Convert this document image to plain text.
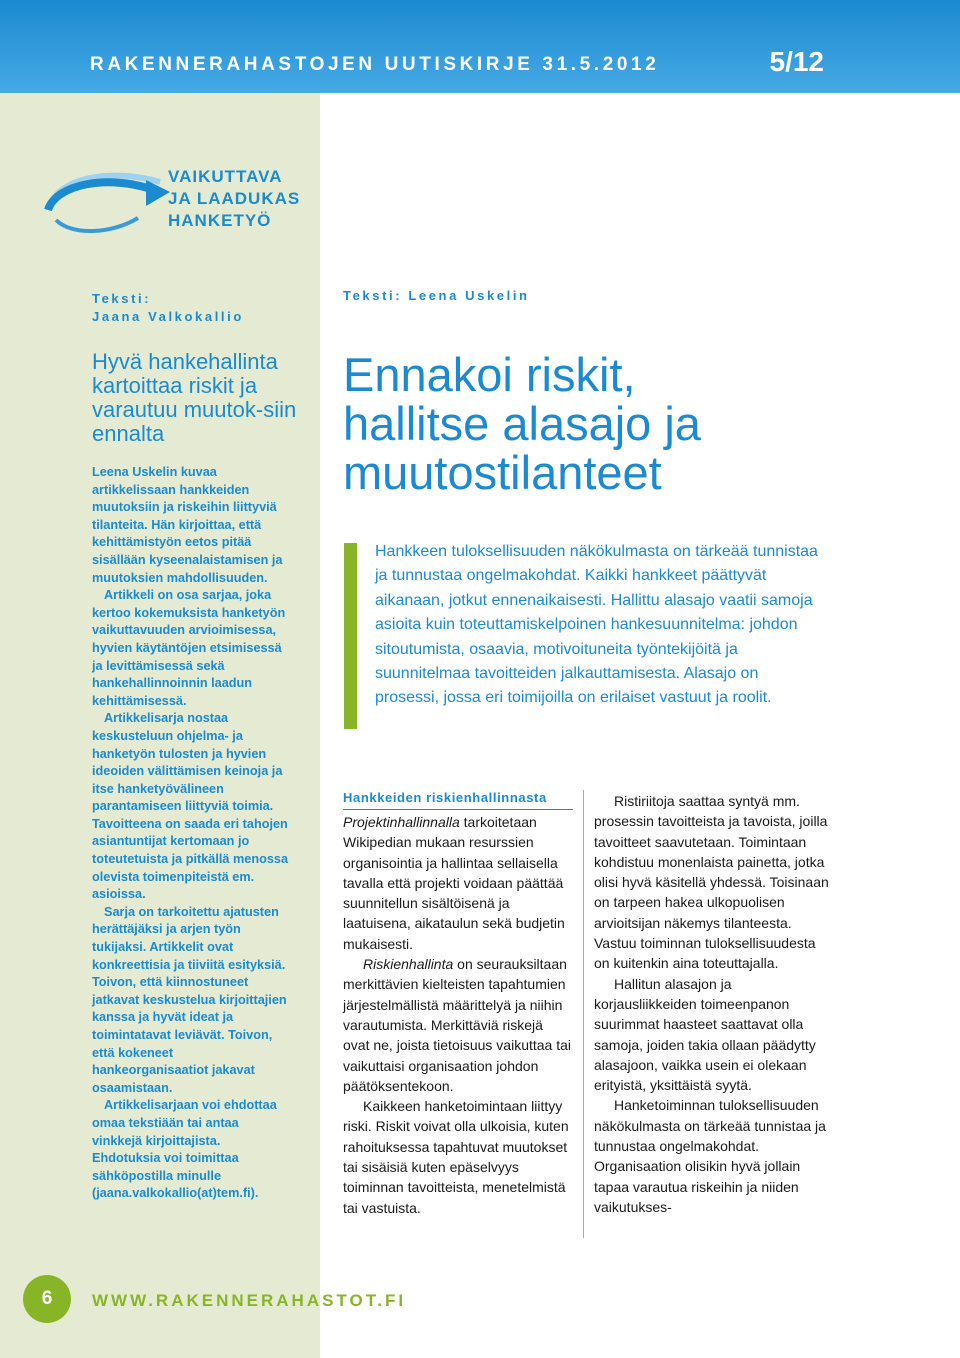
RAKENNERAHASTOJEN UUTISKIRJE 31.5.2012	5/12
VAIKUTTAVA
JA LAADUKAS
HANKETYÖ
Teksti:
Jaana Valkokallio
Hyvä hankehallinta kartoittaa riskit ja varautuu muutok-siin ennalta

Leena Uskelin kuvaa artikkelissaan hankkeiden muutoksiin ja riskeihin liittyviä tilanteita. Hän kirjoittaa, että kehittämistyön eetos pitää sisällään kyseenalaistamisen ja muutoksien mahdollisuuden.

Artikkeli on osa sarjaa, joka kertoo kokemuksista hanketyön vaikuttavuuden arvioimisessa, hyvien käytäntöjen etsimisessä ja levittämisessä sekä hankehallinnoinnin laadun kehittämisessä.

Artikkelisarja nostaa keskusteluun ohjelma- ja hanketyön tulosten ja hyvien ideoiden välittämisen keinoja ja itse hanketyövälineen parantamiseen liittyviä toimia. Tavoitteena on saada eri tahojen asiantuntijat kertomaan jo toteutetuista ja pitkällä menossa olevista toimenpiteistä em. asioissa.

Sarja on tarkoitettu ajatusten herättäjäksi ja arjen työn tukijaksi. Artikkelit ovat konkreettisia ja tiiviitä esityksiä. Toivon, että kiinnostuneet jatkavat keskustelua kirjoittajien kanssa ja hyvät ideat ja toimintatavat leviävät. Toivon, että kokeneet hankeorganisaatiot jakavat osaamistaan.

Artikkelisarjaan voi ehdottaa omaa tekstiään tai antaa vinkkejä kirjoittajista. Ehdotuksia voi toimittaa sähköpostilla minulle (jaana.valkokallio(at)tem.fi).

Teksti: Leena Uskelin
Ennakoi riskit,
hallitse alasajo ja
muutostilanteet
Hankkeen tuloksellisuuden näkökulmasta on tärkeää tunnistaa ja tunnustaa ongelmakohdat. Kaikki hankkeet päättyvät aikanaan, jotkut ennenaikaisesti. Hallittu alasajo vaatii samoja asioita kuin toteuttamiskelpoinen hankesuunnitelma: johdon sitoutumista, osaavia, motivoituneita työntekijöitä ja suunnitelmaa tavoitteiden jalkauttamisesta. Alasajo on prosessi, jossa eri toimijoilla on erilaiset vastuut ja roolit.
Hankkeiden riskienhallinnasta

Projektinhallinnalla tarkoitetaan Wikipedian mukaan resurssien organisointia ja hallintaa sellaisella tavalla että projekti voidaan päättää suunnitellun sisältöisenä ja laatuisena, aikataulun sekä budjetin mukaisesti.

Riskienhallinta on seurauksiltaan merkittävien kielteisten tapahtumien järjestelmällistä määrittelyä ja niihin varautumista. Merkittäviä riskejä ovat ne, joista tietoisuus vaikuttaa tai vaikuttaisi organisaation johdon päätöksentekoon.

Kaikkeen hanketoimintaan liittyy riski. Riskit voivat olla ulkoisia, kuten rahoituksessa tapahtuvat muutokset tai sisäisiä kuten epäselvyys toiminnan tavoitteista, menetelmistä tai vastuista.

Ristiriitoja saattaa syntyä mm. prosessin tavoitteista ja tavoista, joilla tavoitteet saavutetaan. Toimintaan kohdistuu monenlaista painetta, jotka olisi hyvä käsitellä yhdessä. Toisinaan on tarpeen hakea ulkopuolisen arvioitsijan näkemys tilanteesta. Vastuu toiminnan tuloksellisuudesta on kuitenkin aina toteuttajalla.

Hallitun alasajon ja korjausliikkeiden toimeenpanon suurimmat haasteet saattavat olla samoja, joiden takia ollaan päädytty alasajoon, vaikka usein ei olekaan erityistä, yksittäistä syytä.

Hanketoiminnan tuloksellisuuden näkökulmasta on tärkeää tunnistaa ja tunnustaa ongelmakohdat. Organisaation olisikin hyvä jollain tapaa varautua riskeihin ja niiden vaikutukses-

6	WWW.RAKENNERAHASTOT.FI
